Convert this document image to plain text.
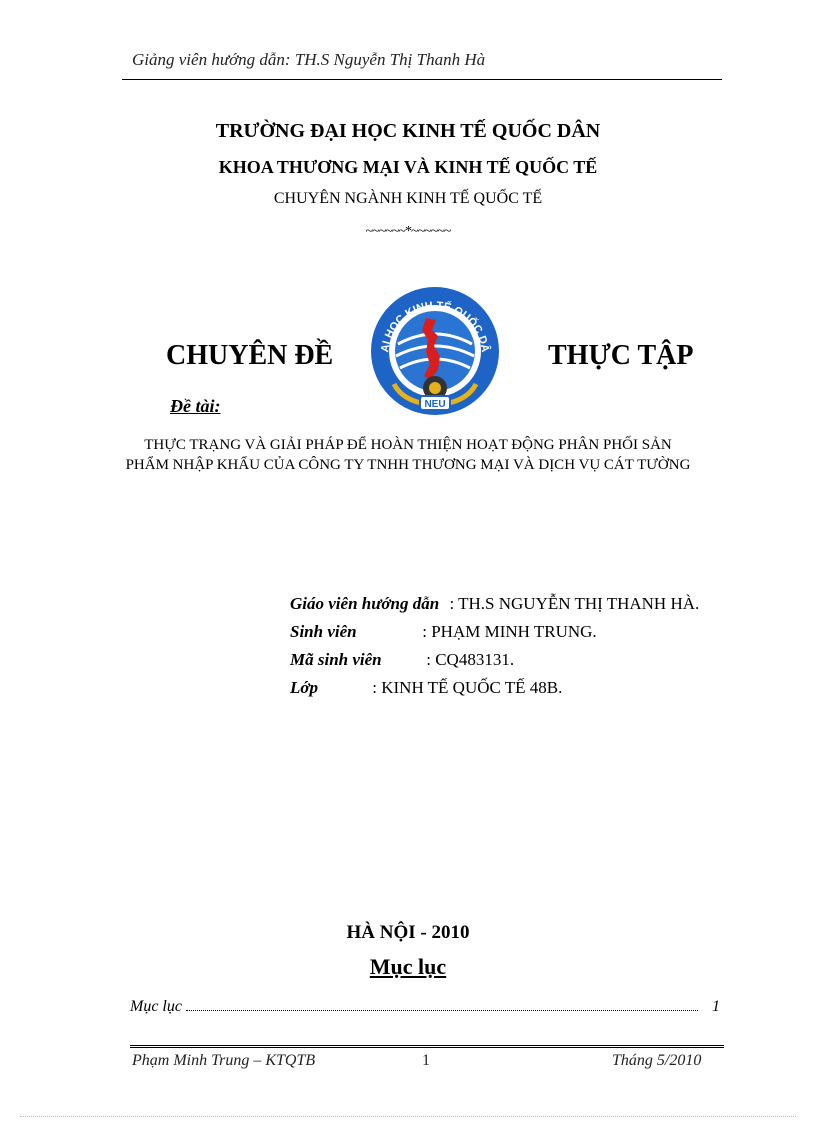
Giảng viên hướng dẫn: TH.S Nguyễn Thị Thanh Hà
TRƯỜNG ĐẠI HỌC KINH TẾ QUỐC DÂN
KHOA THƯƠNG MẠI VÀ KINH TẾ QUỐC TẾ
CHUYÊN NGÀNH KINH TẾ QUỐC TẾ
~~~~~~*~~~~~~
CHUYÊN ĐỀ	THỰC TẬP
NEU
ẠI HỌC KINH TẾ QUỐC DÂ
Đề tài:
THỰC TRẠNG VÀ GIẢI PHÁP ĐỂ HOÀN THIỆN HOẠT ĐỘNG PHÂN PHỐI SẢN
PHẨM NHẬP KHẨU CỦA CÔNG TY TNHH THƯƠNG MẠI VÀ DỊCH VỤ CÁT TƯỜNG
Giáo viên hướng dẫn : TH.S NGUYỄN THỊ THANH HÀ.
Sinh viên	: PHẠM MINH TRUNG.
Mã sinh viên	: CQ483131.
Lớp	: KINH TẾ QUỐC TẾ 48B.
HÀ NỘI - 2010
Mục lục
Mục lục	1
Phạm Minh Trung – KTQTB	1	Tháng 5/2010
